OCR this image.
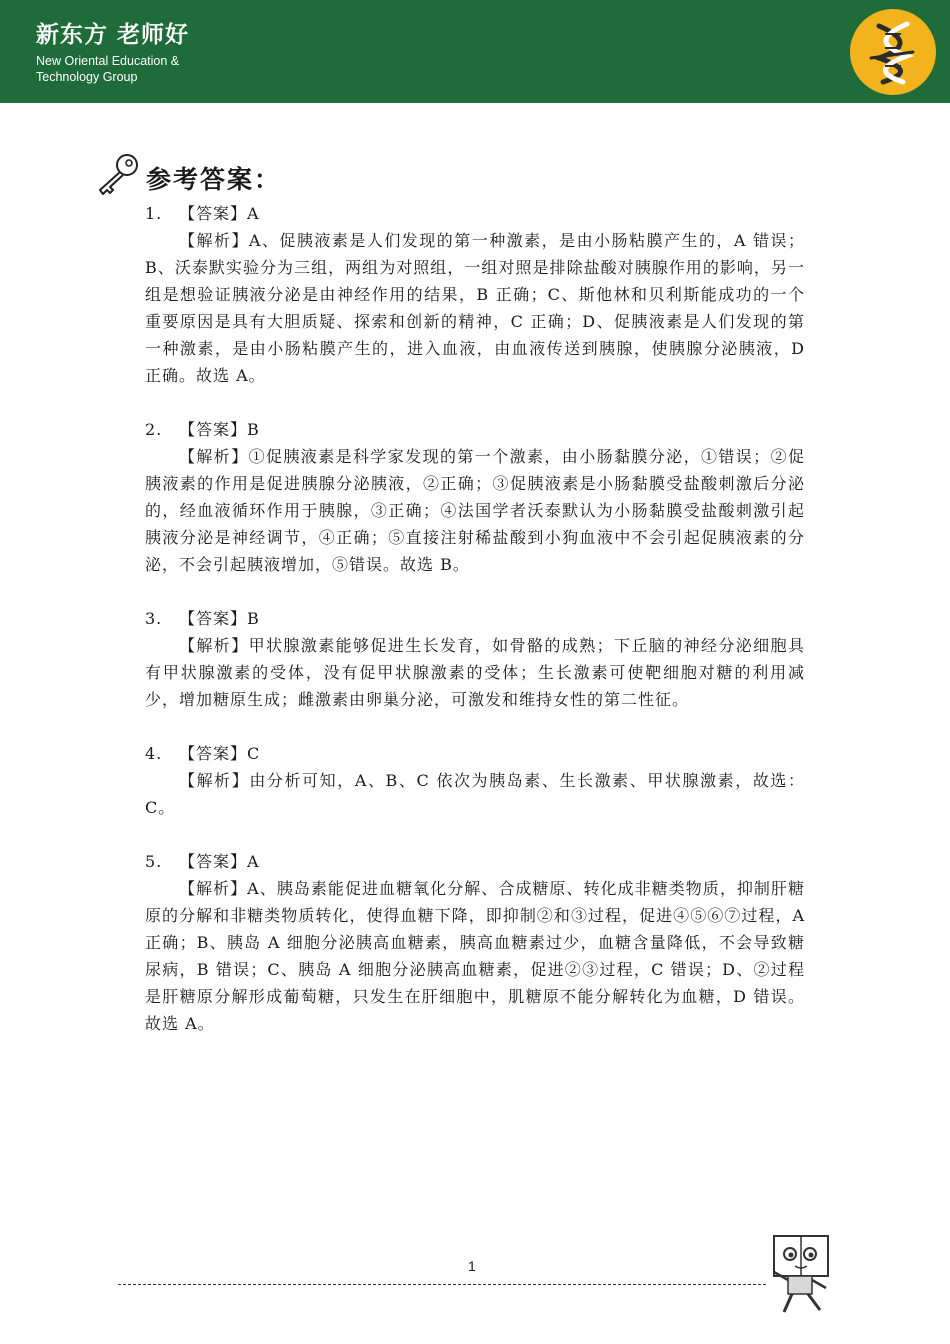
新东方 老师好
New Oriental Education &
Technology Group
参考答案：

1. 【答案】A

【解析】A、促胰液素是人们发现的第一种激素，是由小肠粘膜产生的，A 错误；B、沃泰默实验分为三组，两组为对照组，一组对照是排除盐酸对胰腺作用的影响，另一组是想验证胰液分泌是由神经作用的结果，B 正确；C、斯他林和贝利斯能成功的一个重要原因是具有大胆质疑、探索和创新的精神，C 正确；D、促胰液素是人们发现的第一种激素，是由小肠粘膜产生的，进入血液，由血液传送到胰腺，使胰腺分泌胰液，D 正确。故选 A。

2. 【答案】B

【解析】①促胰液素是科学家发现的第一个激素，由小肠黏膜分泌，①错误；②促胰液素的作用是促进胰腺分泌胰液，②正确；③促胰液素是小肠黏膜受盐酸刺激后分泌的，经血液循环作用于胰腺，③正确；④法国学者沃泰默认为小肠黏膜受盐酸刺激引起胰液分泌是神经调节，④正确；⑤直接注射稀盐酸到小狗血液中不会引起促胰液素的分泌，不会引起胰液增加，⑤错误。故选 B。

3. 【答案】B

【解析】甲状腺激素能够促进生长发育，如骨骼的成熟；下丘脑的神经分泌细胞具有甲状腺激素的受体，没有促甲状腺激素的受体；生长激素可使靶细胞对糖的利用减少，增加糖原生成；雌激素由卵巢分泌，可激发和维持女性的第二性征。

4. 【答案】C

【解析】由分析可知，A、B、C 依次为胰岛素、生长激素、甲状腺激素，故选：C。

5. 【答案】A

【解析】A、胰岛素能促进血糖氧化分解、合成糖原、转化成非糖类物质，抑制肝糖原的分解和非糖类物质转化，使得血糖下降，即抑制②和③过程，促进④⑤⑥⑦过程，A 正确；B、胰岛 A 细胞分泌胰高血糖素，胰高血糖素过少，血糖含量降低，不会导致糖尿病，B 错误；C、胰岛 A 细胞分泌胰高血糖素，促进②③过程，C 错误；D、②过程是肝糖原分解形成葡萄糖，只发生在肝细胞中，肌糖原不能分解转化为血糖，D 错误。故选 A。

1
